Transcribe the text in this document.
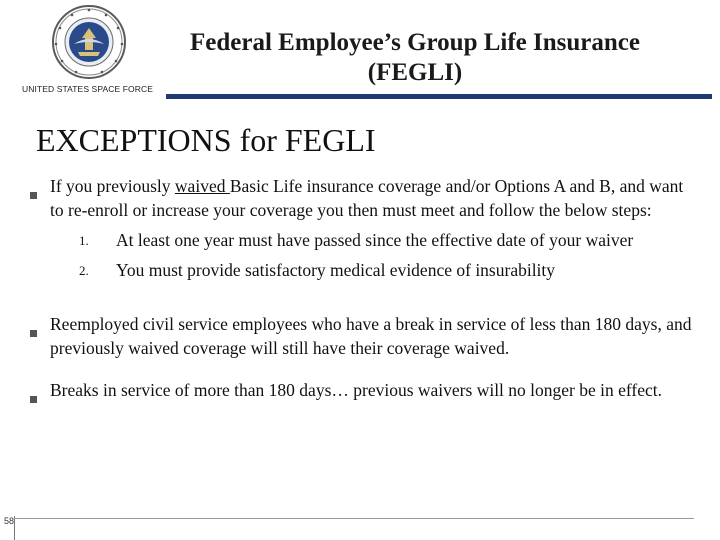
UNITED STATES SPACE FORCE
Federal Employee’s Group Life Insurance
(FEGLI)
EXCEPTIONS for FEGLI
If you previously waived Basic Life insurance coverage and/or Options A and B, and want to re-enroll or increase your coverage you then must meet and follow the below steps:
1. At least one year must have passed since the effective date of your waiver
2. You must provide satisfactory medical evidence of insurability
Reemployed civil service employees who have a break in service of less than 180 days, and previously waived coverage will still have their coverage waived.
Breaks in service of more than 180 days… previous waivers will no longer be in effect.
58
